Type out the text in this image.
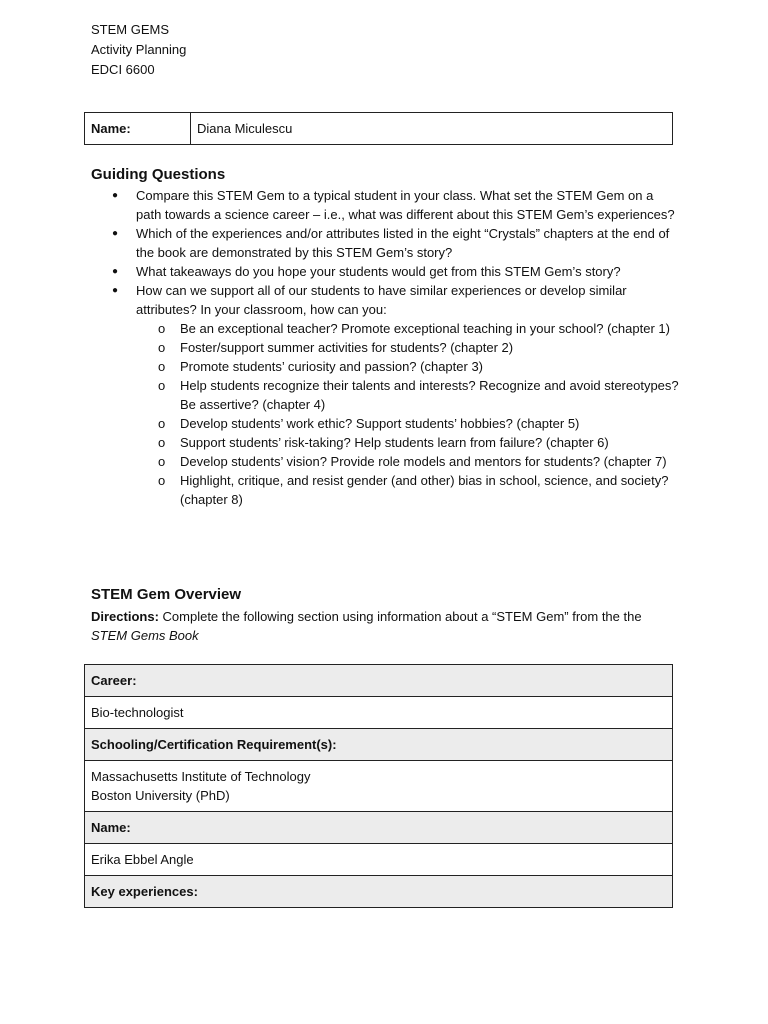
STEM GEMS
Activity Planning
EDCI 6600
Name:	Diana Miculescu
Guiding Questions
● Compare this STEM Gem to a typical student in your class. What set the STEM Gem on a path towards a science career – i.e., what was different about this STEM Gem’s experiences?
● Which of the experiences and/or attributes listed in the eight “Crystals” chapters at the end of the book are demonstrated by this STEM Gem’s story?
● What takeaways do you hope your students would get from this STEM Gem’s story?
● How can we support all of our students to have similar experiences or develop similar attributes? In your classroom, how can you:
o Be an exceptional teacher? Promote exceptional teaching in your school? (chapter 1)
o Foster/support summer activities for students? (chapter 2)
o Promote students’ curiosity and passion? (chapter 3)
o Help students recognize their talents and interests? Recognize and avoid stereotypes? Be assertive? (chapter 4)
o Develop students’ work ethic? Support students’ hobbies? (chapter 5)
o Support students’ risk-taking? Help students learn from failure? (chapter 6)
o Develop students’ vision? Provide role models and mentors for students? (chapter 7)
o Highlight, critique, and resist gender (and other) bias in school, science, and society? (chapter 8)
STEM Gem Overview
Directions: Complete the following section using information about a “STEM Gem” from the the STEM Gems Book
Career:
Bio-technologist
Schooling/Certification Requirement(s):

Massachusetts Institute of Technology
Boston University (PhD)

Name:
Erika Ebbel Angle
Key experiences:
